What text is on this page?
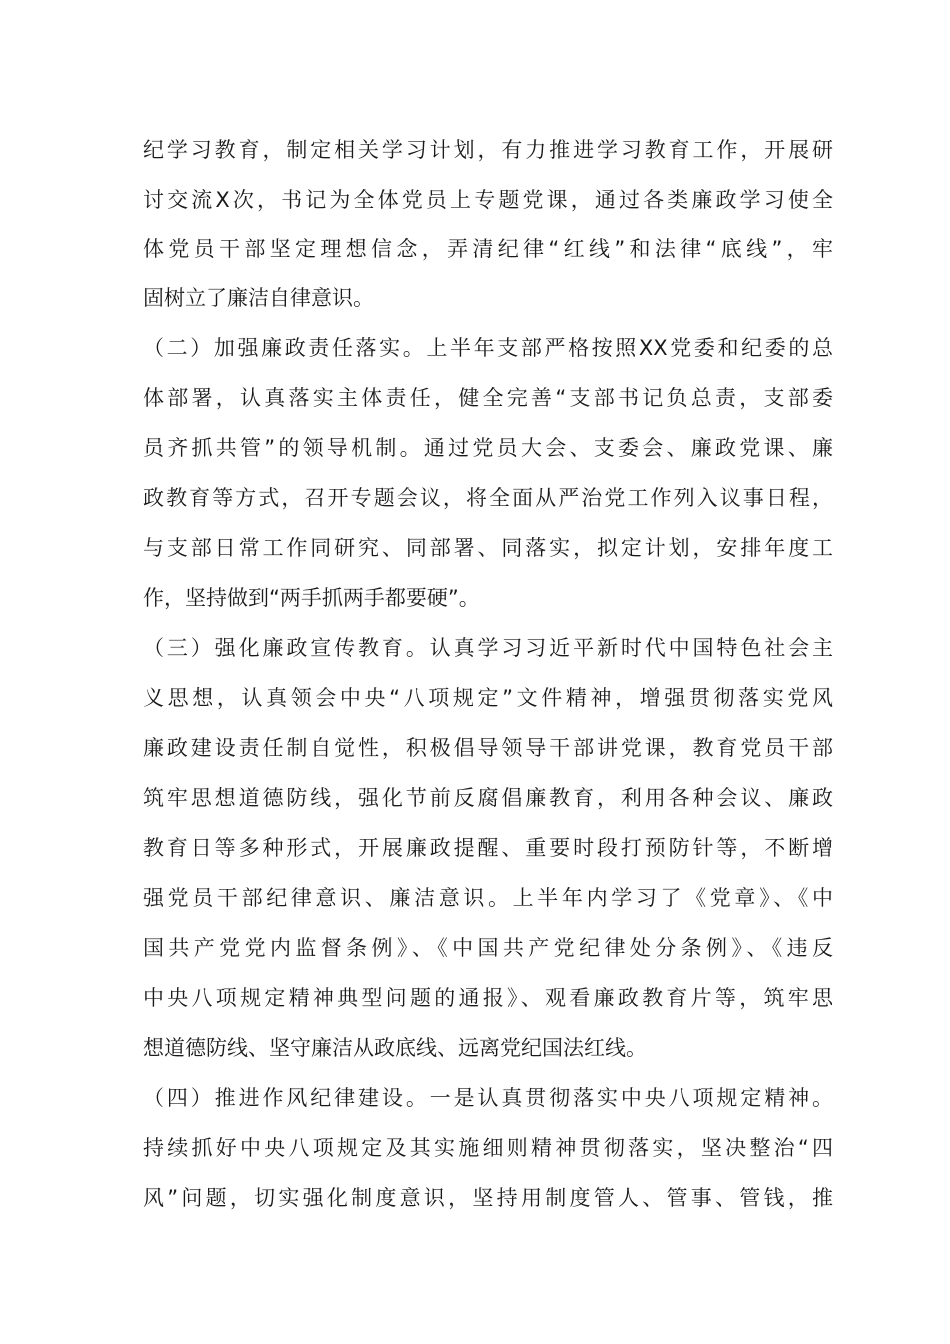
纪学习教育，制定相关学习计划，有力推进学习教育工作，开展研
讨交流X次，书记为全体党员上专题党课，通过各类廉政学习使全
体党员干部坚定理想信念，弄清纪律“红线”和法律“底线”，牢
固树立了廉洁自律意识。
（二）加强廉政责任落实。上半年支部严格按照XX党委和纪委的总
体部署，认真落实主体责任，健全完善“支部书记负总责，支部委
员齐抓共管”的领导机制。通过党员大会、支委会、廉政党课、廉
政教育等方式，召开专题会议，将全面从严治党工作列入议事日程，
与支部日常工作同研究、同部署、同落实，拟定计划，安排年度工
作，坚持做到“两手抓两手都要硬”。
（三）强化廉政宣传教育。认真学习习近平新时代中国特色社会主
义思想，认真领会中央“八项规定”文件精神，增强贯彻落实党风
廉政建设责任制自觉性，积极倡导领导干部讲党课，教育党员干部
筑牢思想道德防线，强化节前反腐倡廉教育，利用各种会议、廉政
教育日等多种形式，开展廉政提醒、重要时段打预防针等，不断增
强党员干部纪律意识、廉洁意识。上半年内学习了《党章》、《中
国共产党党内监督条例》、《中国共产党纪律处分条例》、《违反
中央八项规定精神典型问题的通报》、观看廉政教育片等，筑牢思
想道德防线、坚守廉洁从政底线、远离党纪国法红线。
（四）推进作风纪律建设。一是认真贯彻落实中央八项规定精神。
持续抓好中央八项规定及其实施细则精神贯彻落实，坚决整治“四
风”问题，切实强化制度意识，坚持用制度管人、管事、管钱，推
